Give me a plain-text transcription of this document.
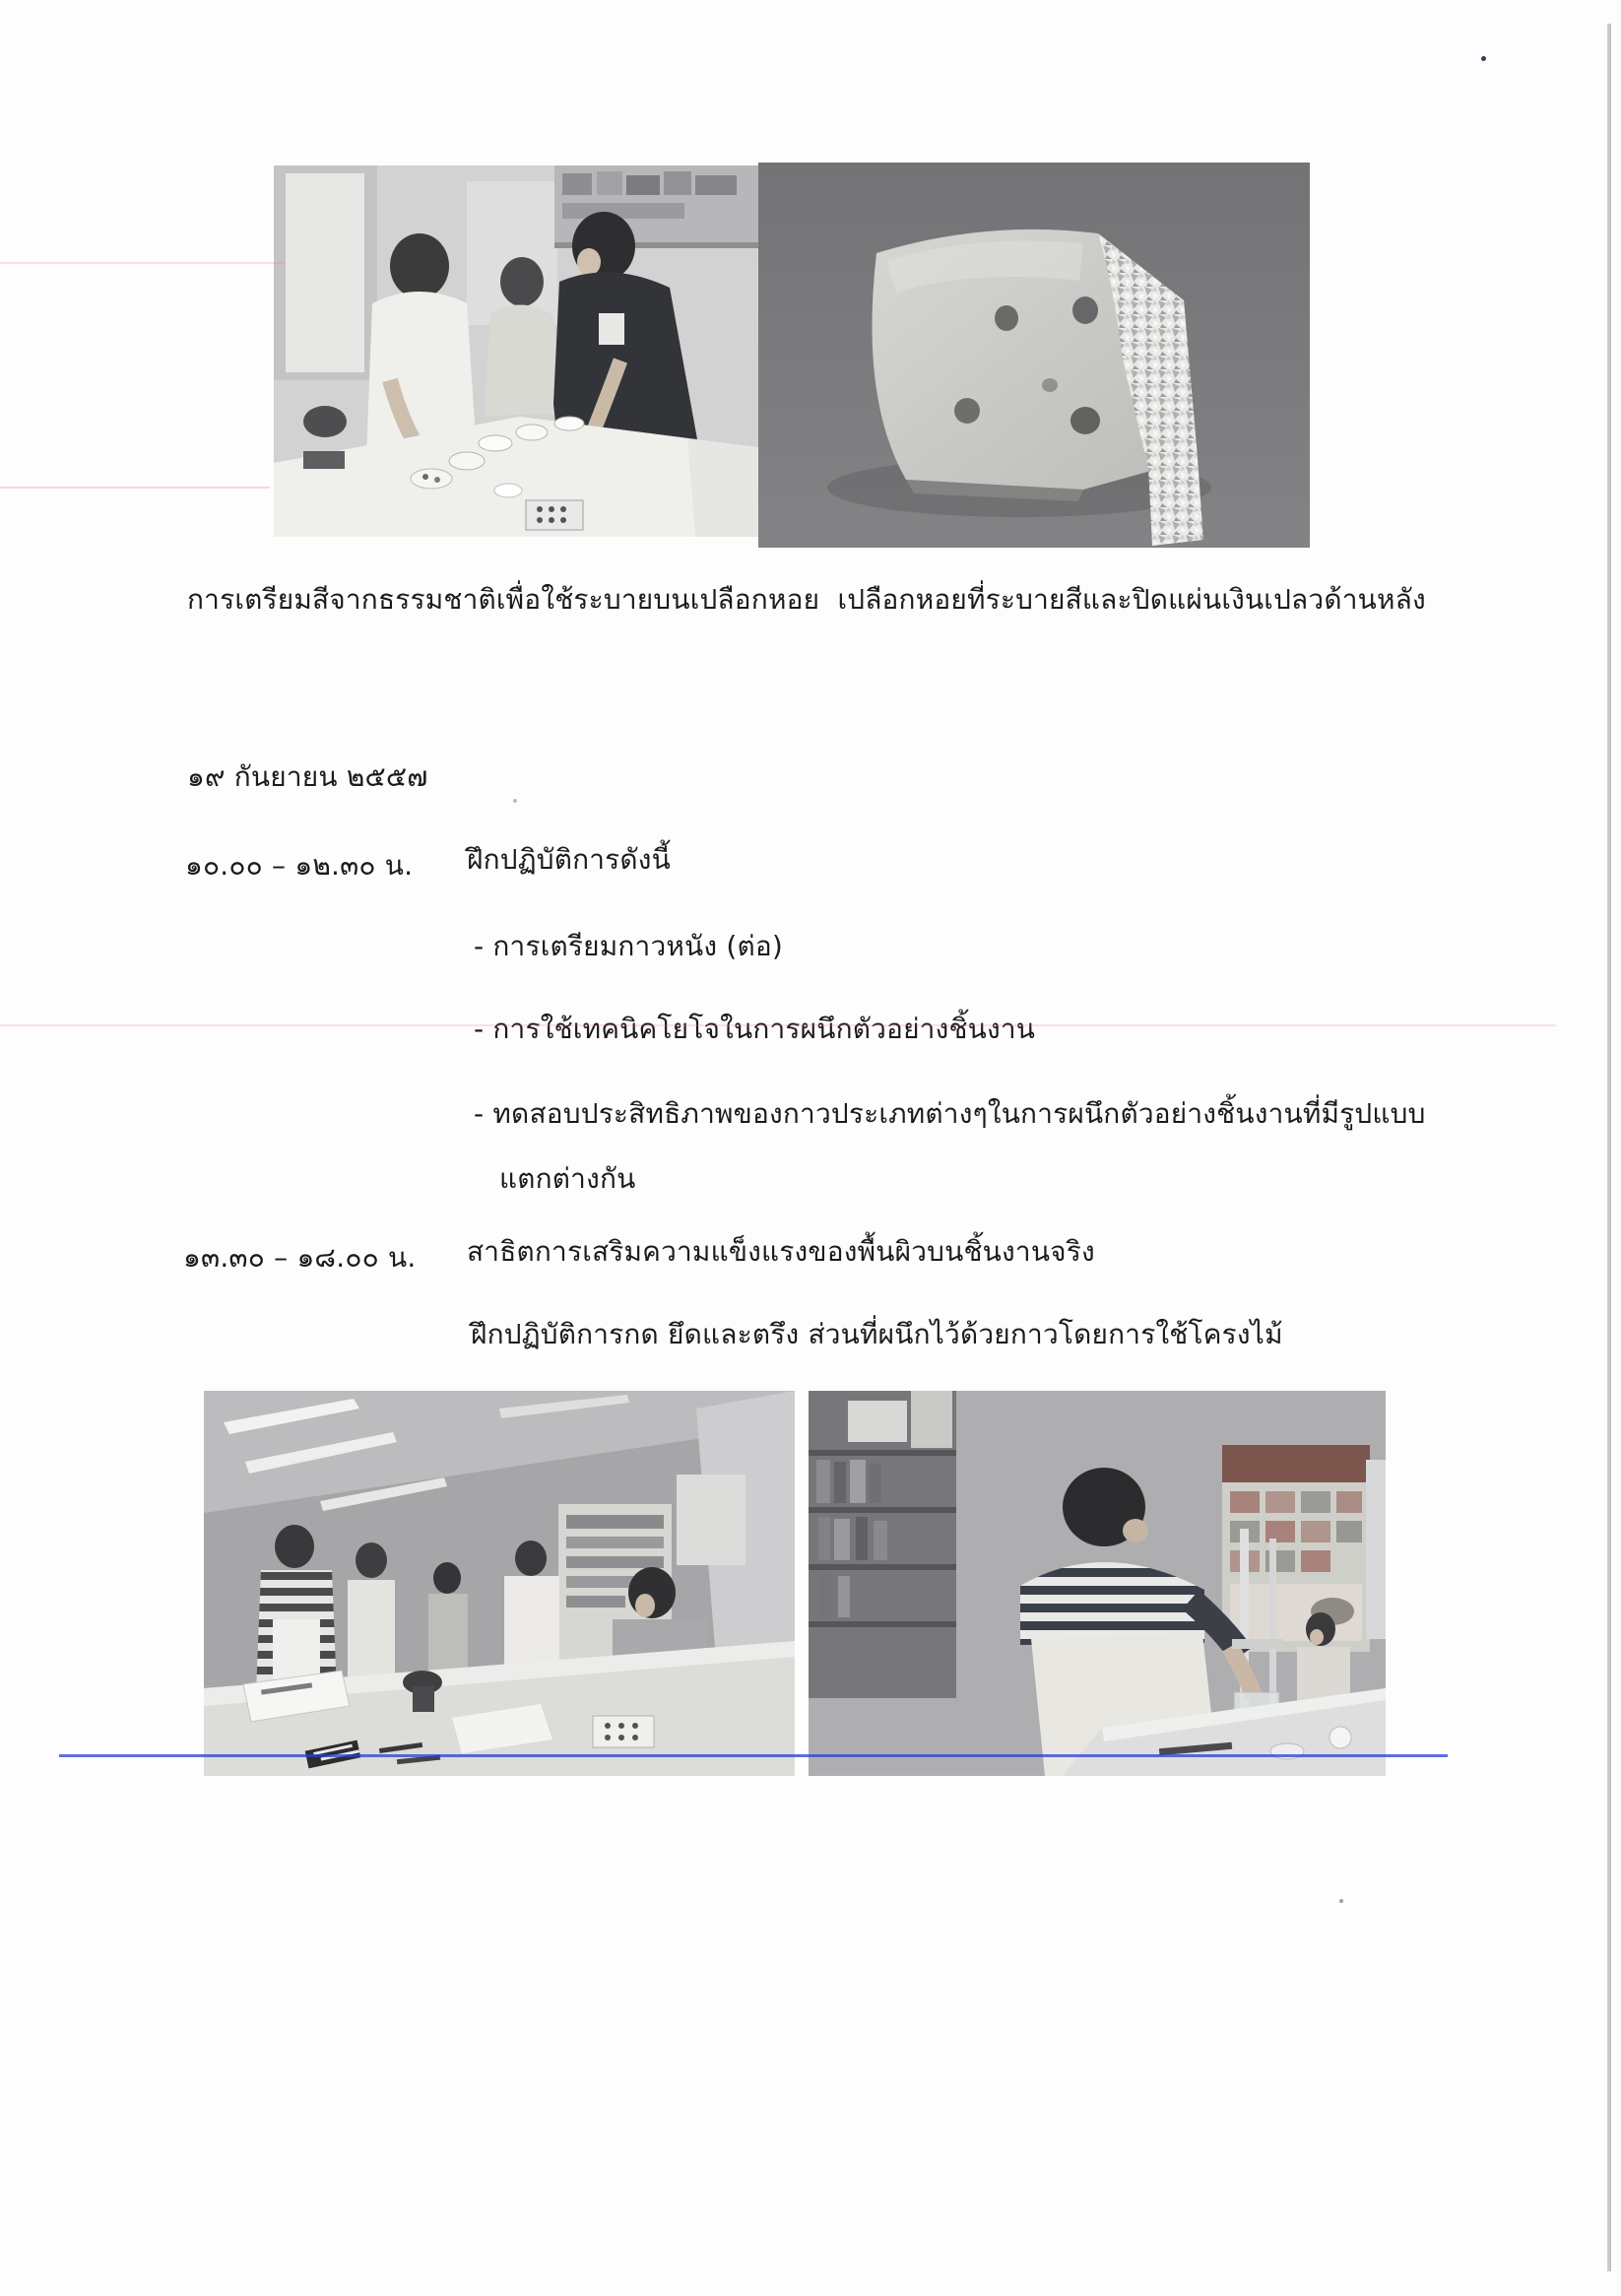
การเตรียมสีจากธรรมชาติเพื่อใช้ระบายบนเปลือกหอย  เปลือกหอยที่ระบายสีและปิดแผ่นเงินเปลวด้านหลัง
๑๙ กันยายน ๒๕๕๗
๑๐.๐๐ – ๑๒.๓๐ น. ฝึกปฏิบัติการดังนี้
- การเตรียมกาวหนัง (ต่อ)
- การใช้เทคนิคโยโจในการผนึกตัวอย่างชิ้นงาน
- ทดสอบประสิทธิภาพของกาวประเภทต่างๆในการผนึกตัวอย่างชิ้นงานที่มีรูปแบบ
แตกต่างกัน
๑๓.๓๐ – ๑๘.๐๐ น. สาธิตการเสริมความแข็งแรงของพื้นผิวบนชิ้นงานจริง
ฝึกปฏิบัติการกด ยึดและตรึง ส่วนที่ผนึกไว้ด้วยกาวโดยการใช้โครงไม้
